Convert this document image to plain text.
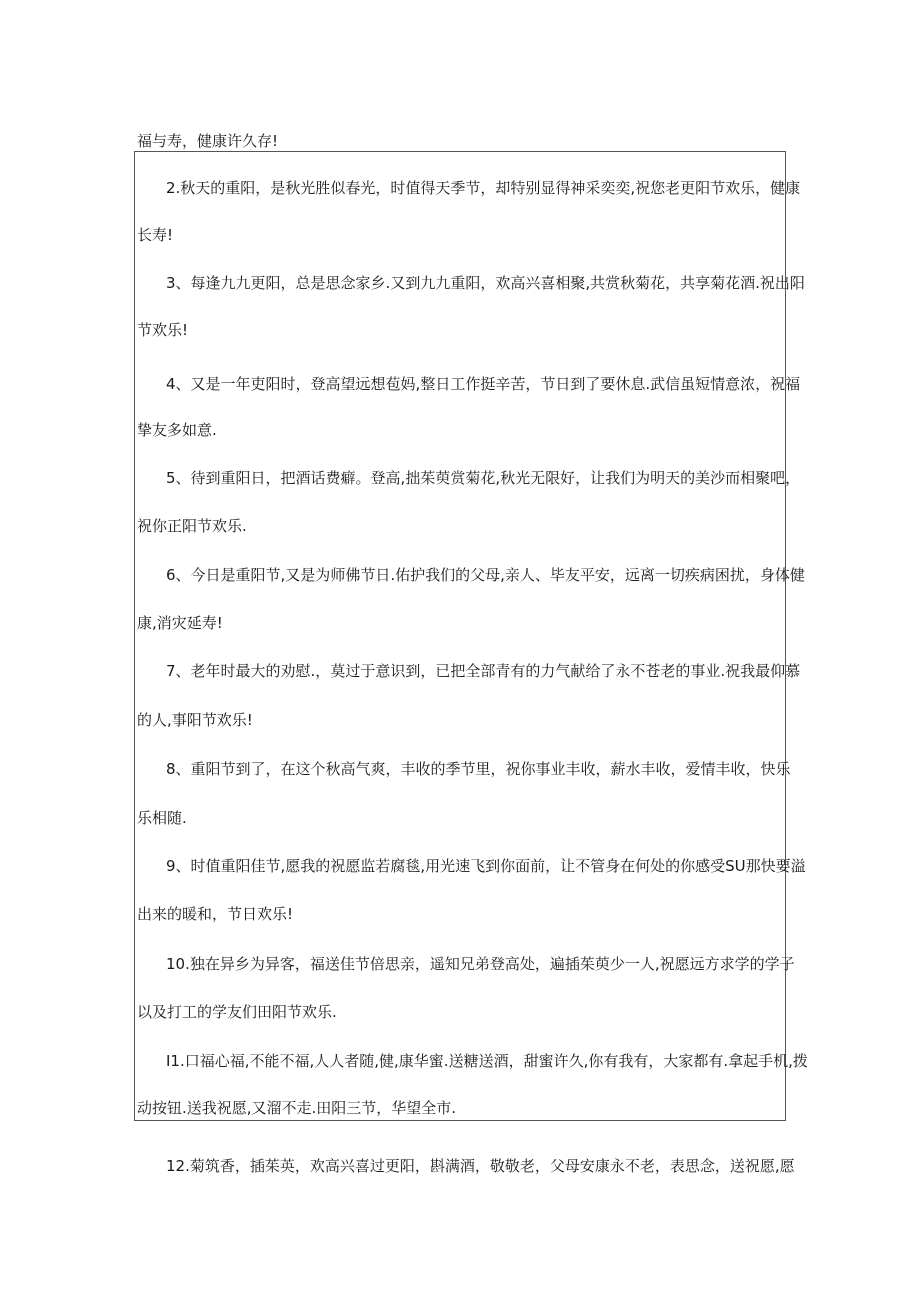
福与寿，健康许久存!

2.秋天的重阳，是秋光胜似春光，时值得天季节，却特别显得神采奕奕,祝您老更阳节欢乐，健康

长寿!

3、每逢九九更阳，总是思念家乡.又到九九重阳，欢高兴喜相聚,共赏秋菊花，共享菊花酒.祝出阳

节欢乐!

4、又是一年吏阳时，登高望远想苞妈,整日工作挺辛苦，节日到了要休息.武信虽短情意浓，祝福

挚友多如意.

5、待到重阳日，把酒话费癖。登高,拙茱萸赏菊花,秋光无限好，让我们为明天的美沙而相聚吧，

祝你正阳节欢乐.

6、今日是重阳节,又是为师佛节日.佑护我们的父母,亲人、毕友平安，远离一切疾病困扰，身体健

康,消灾延寿!

7、老年时最大的劝慰.，莫过于意识到，已把全部青有的力气献给了永不苍老的事业.祝我最仰慕

的人,事阳节欢乐!

8、重阳节到了，在这个秋高气爽，丰收的季节里，祝你事业丰收，薪水丰收，爱情丰收，快乐

乐相随.

9、时值重阳佳节,愿我的祝愿监若腐毯,用光速飞到你面前，让不管身在何处的你感受SU那快要溢

出来的暖和，节日欢乐!

10.独在异乡为异客，福送佳节倍思亲，遥知兄弟登高处，遍插茱萸少一人,祝愿远方求学的学子

以及打工的学友们田阳节欢乐.

I1.口福心福,不能不福,人人者随,健,康华蜜.送糖送酒，甜蜜许久,你有我有，大家都有.拿起手机,拨

动按钮.送我祝愿,又溜不走.田阳三节，华望全市.

12.菊筑香，插茱英，欢高兴喜过更阳，斟满酒，敬敬老，父母安康永不老，表思念，送祝愿,愿
